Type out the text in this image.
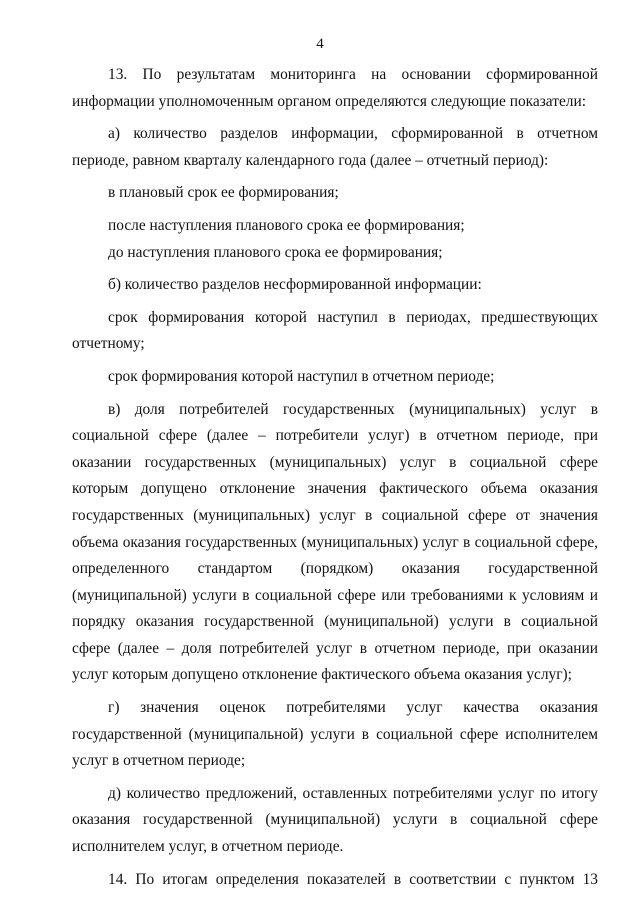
4

13. По результатам мониторинга на основании сформированной информации уполномоченным органом определяются следующие показатели:

а) количество разделов информации, сформированной в отчетном периоде, равном кварталу календарного года (далее – отчетный период):

в плановый срок ее формирования;

после наступления планового срока ее формирования;

до наступления планового срока ее формирования;

б) количество разделов несформированной информации:

срок формирования которой наступил в периодах, предшествующих отчетному;

срок формирования которой наступил в отчетном периоде;

в) доля потребителей государственных (муниципальных) услуг в социальной сфере (далее – потребители услуг) в отчетном периоде, при оказании государственных (муниципальных) услуг в социальной сфере которым допущено отклонение значения фактического объема оказания государственных (муниципальных) услуг в социальной сфере от значения объема оказания государственных (муниципальных) услуг в социальной сфере, определенного стандартом (порядком) оказания государственной (муниципальной) услуги в социальной сфере или требованиями к условиям и порядку оказания государственной (муниципальной) услуги в социальной сфере (далее – доля потребителей услуг в отчетном периоде, при оказании услуг которым допущено отклонение фактического объема оказания услуг);

г) значения оценок потребителями услуг качества оказания государственной (муниципальной) услуги в социальной сфере исполнителем услуг в отчетном периоде;

д) количество предложений, оставленных потребителями услуг по итогу оказания государственной (муниципальной) услуги в социальной сфере исполнителем услуг, в отчетном периоде.

14. По итогам определения показателей в соответствии с пунктом 13
